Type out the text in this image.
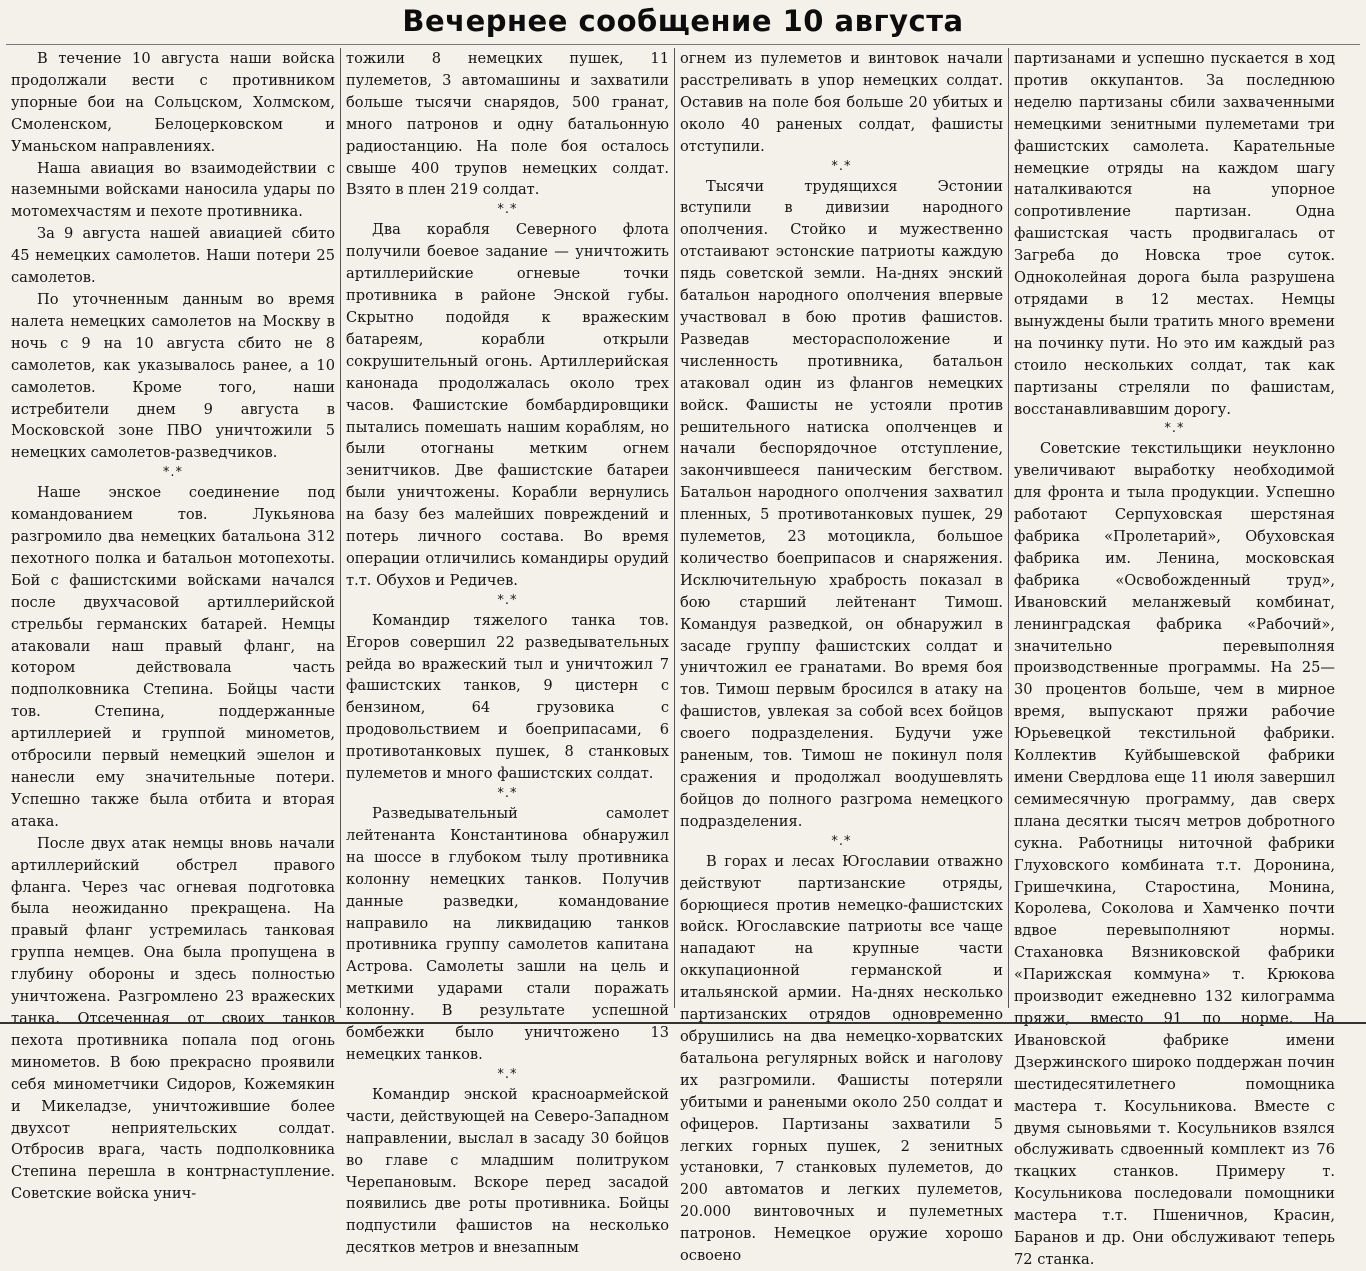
Вечернее сообщение 10 августа

В течение 10 августа наши войска продолжали вести с противником упорные бои на Сольцском, Холмском, Смоленском, Белоцерковском и Уманьском направлениях.

Наша авиация во взаимодействии с наземными войсками наносила удары по мотомехчастям и пехоте противника.

За 9 августа нашей авиацией сбито 45 немецких самолетов. Наши потери 25 самолетов.

По уточненным данным во время налета немецких самолетов на Москву в ночь с 9 на 10 августа сбито не 8 самолетов, как указывалось ранее, а 10 самолетов. Кроме того, наши истребители днем 9 августа в Московской зоне ПВО уничтожили 5 немецких самолетов-разведчиков.

*.*

Наше энское соединение под командованием тов. Лукьянова разгромило два немецких батальона 312 пехотного полка и батальон мотопехоты. Бой с фашистскими войсками начался после двухчасовой артиллерийской стрельбы германских батарей. Немцы атаковали наш правый фланг, на котором действовала часть подполковника Степина. Бойцы части тов. Степина, поддержанные артиллерией и группой минометов, отбросили первый немецкий эшелон и нанесли ему значительные потери. Успешно также была отбита и вторая атака.

После двух атак немцы вновь начали артиллерийский обстрел правого фланга. Через час огневая подготовка была неожиданно прекращена. На правый фланг устремилась танковая группа немцев. Она была пропущена в глубину обороны и здесь полностью уничтожена. Разгромлено 23 вражеских танка. Отсеченная от своих танков пехота противника попала под огонь минометов. В бою прекрасно проявили себя минометчики Сидоров, Кожемякин и Микеладзе, уничтожившие более двухсот неприятельских солдат. Отбросив врага, часть подполковника Степина перешла в контрнаступление. Советские войска унич-

тожили 8 немецких пушек, 11 пулеметов, 3 автомашины и захватили больше тысячи снарядов, 500 гранат, много патронов и одну батальонную радиостанцию. На поле боя осталось свыше 400 трупов немецких солдат. Взято в плен 219 солдат.

*.*

Два корабля Северного флота получили боевое задание — уничтожить артиллерийские огневые точки противника в районе Энской губы. Скрытно подойдя к вражеским батареям, корабли открыли сокрушительный огонь. Артиллерийская канонада продолжалась около трех часов. Фашистские бомбардировщики пытались помешать нашим кораблям, но были отогнаны метким огнем зенитчиков. Две фашистские батареи были уничтожены. Корабли вернулись на базу без малейших повреждений и потерь личного состава. Во время операции отличились командиры орудий т.т. Обухов и Редичев.

*.*

Командир тяжелого танка тов. Егоров совершил 22 разведывательных рейда во вражеский тыл и уничтожил 7 фашистских танков, 9 цистерн с бензином, 64 грузовика с продовольствием и боеприпасами, 6 противотанковых пушек, 8 станковых пулеметов и много фашистских солдат.

*.*

Разведывательный самолет лейтенанта Константинова обнаружил на шоссе в глубоком тылу противника колонну немецких танков. Получив данные разведки, командование направило на ликвидацию танков противника группу самолетов капитана Астрова. Самолеты зашли на цель и меткими ударами стали поражать колонну. В результате успешной бомбежки было уничтожено 13 немецких танков.

*.*

Командир энской красноармейской части, действующей на Северо-Западном направлении, выслал в засаду 30 бойцов во главе с младшим политруком Черепановым. Вскоре перед засадой появились две роты противника. Бойцы подпустили фашистов на несколько десятков метров и внезапным

огнем из пулеметов и винтовок начали расстреливать в упор немецких солдат. Оставив на поле боя больше 20 убитых и около 40 раненых солдат, фашисты отступили.

*.*

Тысячи трудящихся Эстонии вступили в дивизии народного ополчения. Стойко и мужественно отстаивают эстонские патриоты каждую пядь советской земли. На-днях энский батальон народного ополчения впервые участвовал в бою против фашистов. Разведав месторасположение и численность противника, батальон атаковал один из флангов немецких войск. Фашисты не устояли против решительного натиска ополченцев и начали беспорядочное отступление, закончившееся паническим бегством. Батальон народного ополчения захватил пленных, 5 противотанковых пушек, 29 пулеметов, 23 мотоцикла, большое количество боеприпасов и снаряжения. Исключительную храбрость показал в бою старший лейтенант Тимош. Командуя разведкой, он обнаружил в засаде группу фашистских солдат и уничтожил ее гранатами. Во время боя тов. Тимош первым бросился в атаку на фашистов, увлекая за собой всех бойцов своего подразделения. Будучи уже раненым, тов. Тимош не покинул поля сражения и продолжал воодушевлять бойцов до полного разгрома немецкого подразделения.

*.*

В горах и лесах Югославии отважно действуют партизанские отряды, борющиеся против немецко-фашистских войск. Югославские патриоты все чаще нападают на крупные части оккупационной германской и итальянской армии. На-днях несколько партизанских отрядов одновременно обрушились на два немецко-хорватских батальона регулярных войск и наголову их разгромили. Фашисты потеряли убитыми и ранеными около 250 солдат и офицеров. Партизаны захватили 5 легких горных пушек, 2 зенитных установки, 7 станковых пулеметов, до 200 автоматов и легких пулеметов, 20.000 винтовочных и пулеметных патронов. Немецкое оружие хорошо освоено

партизанами и успешно пускается в ход против оккупантов. За последнюю неделю партизаны сбили захваченными немецкими зенитными пулеметами три фашистских самолета. Карательные немецкие отряды на каждом шагу наталкиваются на упорное сопротивление партизан. Одна фашистская часть продвигалась от Загреба до Новска трое суток. Одноколейная дорога была разрушена отрядами в 12 местах. Немцы вынуждены были тратить много времени на починку пути. Но это им каждый раз стоило нескольких солдат, так как партизаны стреляли по фашистам, восстанавливавшим дорогу.

*.*

Советские текстильщики неуклонно увеличивают выработку необходимой для фронта и тыла продукции. Успешно работают Серпуховская шерстяная фабрика «Пролетарий», Обуховская фабрика им. Ленина, московская фабрика «Освобожденный труд», Ивановский меланжевый комбинат, ленинградская фабрика «Рабочий», значительно перевыполняя производственные программы. На 25—30 процентов больше, чем в мирное время, выпускают пряжи рабочие Юрьевецкой текстильной фабрики. Коллектив Куйбышевской фабрики имени Свердлова еще 11 июля завершил семимесячную программу, дав сверх плана десятки тысяч метров добротного сукна. Работницы ниточной фабрики Глуховского комбината т.т. Доронина, Гришечкина, Старостина, Монина, Королева, Соколова и Хамченко почти вдвое перевыполняют нормы. Стахановка Вязниковской фабрики «Парижская коммуна» т. Крюкова производит ежедневно 132 килограмма пряжи, вместо 91 по норме. На Ивановской фабрике имени Дзержинского широко поддержан почин шестидесятилетнего помощника мастера т. Косульникова. Вместе с двумя сыновьями т. Косульников взялся обслуживать сдвоенный комплект из 76 ткацких станков. Примеру т. Косульникова последовали помощники мастера т.т. Пшеничнов, Красин, Баранов и др. Они обслуживают теперь 72 станка.
